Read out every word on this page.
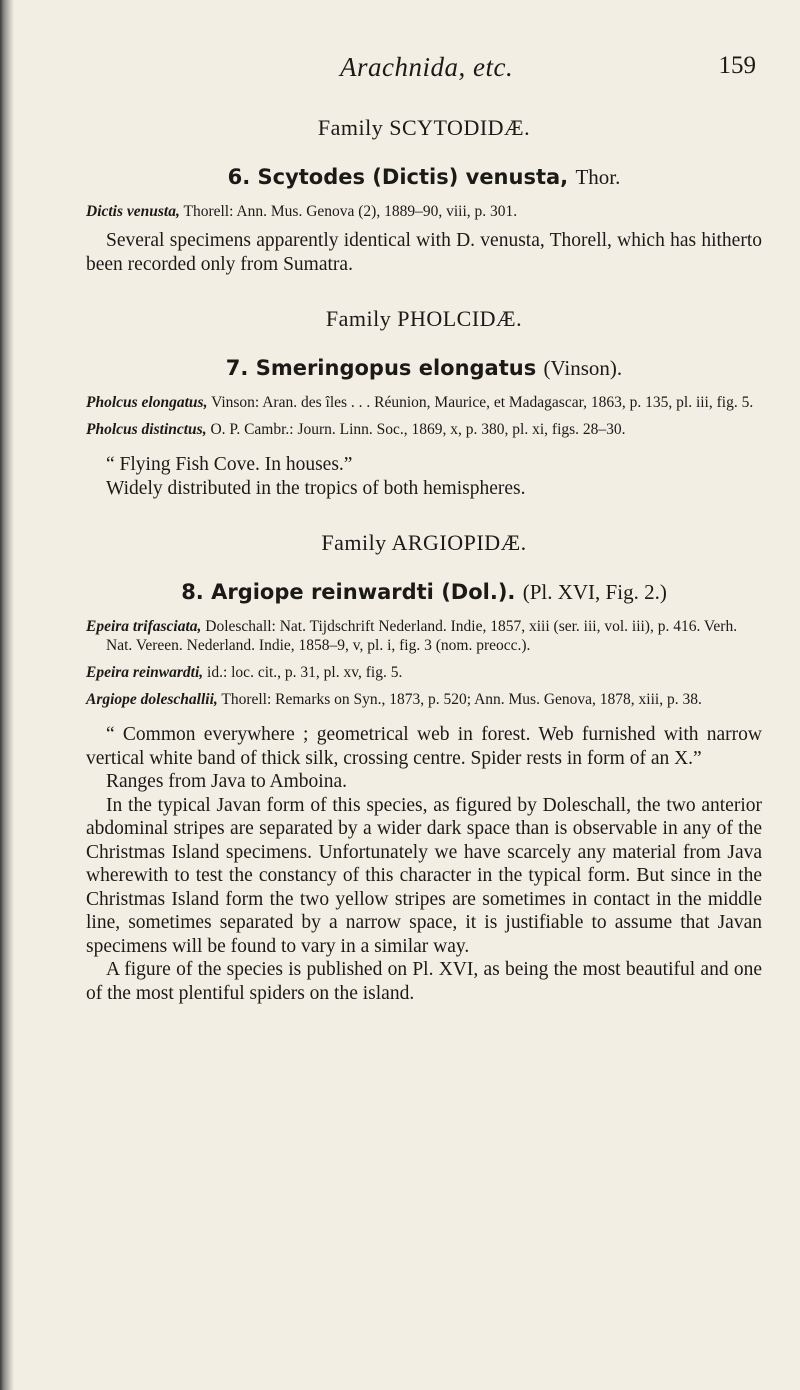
Arachnida, etc.	159
Family SCYTODIDÆ.
6. Scytodes (Dictis) venusta, Thor.

Dictis venusta, Thorell: Ann. Mus. Genova (2), 1889–90, viii, p. 301.

Several specimens apparently identical with D. venusta, Thorell, which has hitherto been recorded only from Sumatra.

Family PHOLCIDÆ.
7. Smeringopus elongatus (Vinson).

Pholcus elongatus, Vinson: Aran. des îles . . . Réunion, Maurice, et Madagascar, 1863, p. 135, pl. iii, fig. 5.

Pholcus distinctus, O. P. Cambr.: Journ. Linn. Soc., 1869, x, p. 380, pl. xi, figs. 28–30.

“ Flying Fish Cove. In houses.”

Widely distributed in the tropics of both hemispheres.

Family ARGIOPIDÆ.
8. Argiope reinwardti (Dol.). (Pl. XVI, Fig. 2.)

Epeira trifasciata, Doleschall: Nat. Tijdschrift Nederland. Indie, 1857, xiii (ser. iii, vol. iii), p. 416. Verh. Nat. Vereen. Nederland. Indie, 1858–9, v, pl. i, fig. 3 (nom. preocc.).

Epeira reinwardti, id.: loc. cit., p. 31, pl. xv, fig. 5.

Argiope doleschallii, Thorell: Remarks on Syn., 1873, p. 520; Ann. Mus. Genova, 1878, xiii, p. 38.

“ Common everywhere ; geometrical web in forest. Web furnished with narrow vertical white band of thick silk, crossing centre. Spider rests in form of an X.”

Ranges from Java to Amboina.

In the typical Javan form of this species, as figured by Doleschall, the two anterior abdominal stripes are separated by a wider dark space than is observable in any of the Christmas Island specimens. Unfortunately we have scarcely any material from Java wherewith to test the constancy of this character in the typical form. But since in the Christmas Island form the two yellow stripes are sometimes in contact in the middle line, sometimes separated by a narrow space, it is justifiable to assume that Javan specimens will be found to vary in a similar way.

A figure of the species is published on Pl. XVI, as being the most beautiful and one of the most plentiful spiders on the island.
